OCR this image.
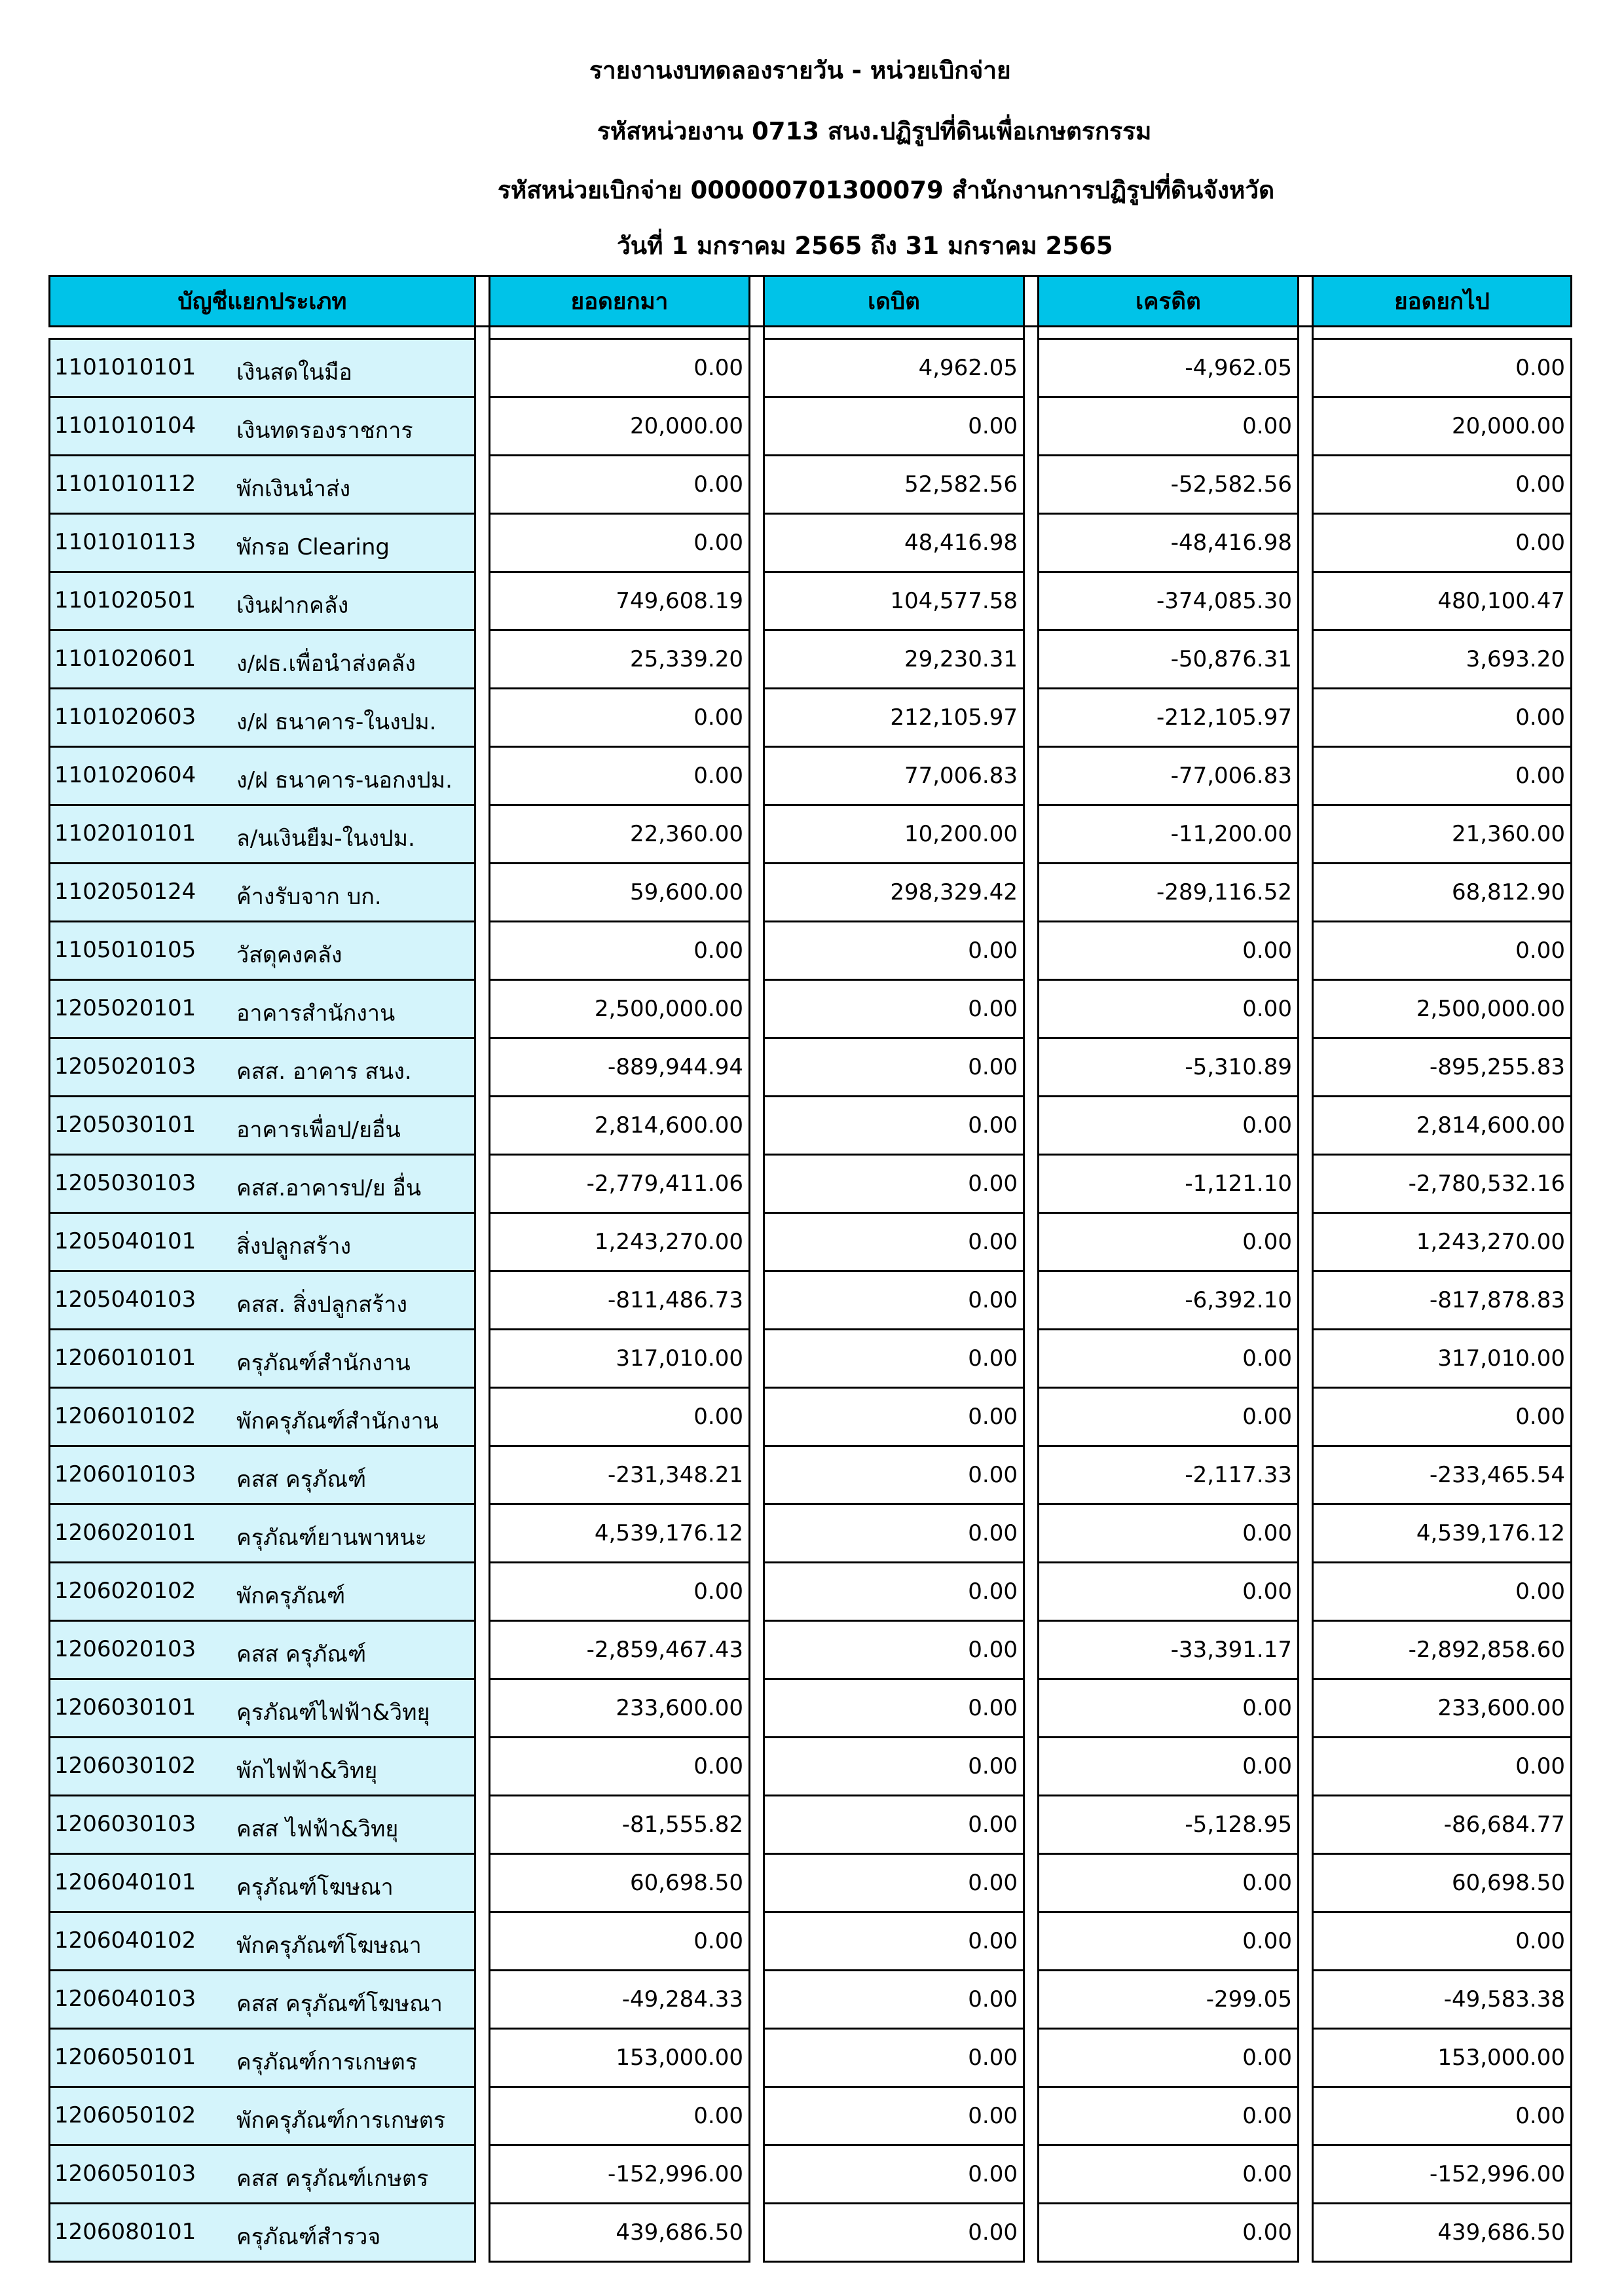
รายงานงบทดลองรายวัน - หน่วยเบิกจ่าย
รหัสหน่วยงาน 0713 สนง.ปฏิรูปที่ดินเพื่อเกษตรกรรม
รหัสหน่วยเบิกจ่าย 000000701300079 สำนักงานการปฏิรูปที่ดินจังหวัด
วันที่ 1 มกราคม 2565 ถึง 31 มกราคม 2565
บัญชีแยกประเภท		ยอดยกมา		เดบิต		เครดิต		ยอดยกไป

1101010101 เงินสดในมือ		0.00		4,962.05		-4,962.05		0.00

1101010104 เงินทดรองราชการ		20,000.00		0.00		0.00		20,000.00

1101010112 พักเงินนำส่ง		0.00		52,582.56		-52,582.56		0.00

1101010113 พักรอ Clearing		0.00		48,416.98		-48,416.98		0.00

1101020501 เงินฝากคลัง		749,608.19		104,577.58		-374,085.30		480,100.47

1101020601 ง/ฝธ.เพื่อนำส่งคลัง		25,339.20		29,230.31		-50,876.31		3,693.20

1101020603 ง/ฝ ธนาคาร-ในงปม.		0.00		212,105.97		-212,105.97		0.00

1101020604 ง/ฝ ธนาคาร-นอกงปม.		0.00		77,006.83		-77,006.83		0.00

1102010101 ล/นเงินยืม-ในงปม.		22,360.00		10,200.00		-11,200.00		21,360.00

1102050124 ค้างรับจาก บก.		59,600.00		298,329.42		-289,116.52		68,812.90

1105010105 วัสดุคงคลัง		0.00		0.00		0.00		0.00

1205020101 อาคารสำนักงาน		2,500,000.00		0.00		0.00		2,500,000.00

1205020103 คสส. อาคาร สนง.		-889,944.94		0.00		-5,310.89		-895,255.83

1205030101 อาคารเพื่อป/ยอื่น		2,814,600.00		0.00		0.00		2,814,600.00

1205030103 คสส.อาคารป/ย อื่น		-2,779,411.06		0.00		-1,121.10		-2,780,532.16

1205040101 สิ่งปลูกสร้าง		1,243,270.00		0.00		0.00		1,243,270.00

1205040103 คสส. สิ่งปลูกสร้าง		-811,486.73		0.00		-6,392.10		-817,878.83

1206010101 ครุภัณฑ์สำนักงาน		317,010.00		0.00		0.00		317,010.00

1206010102 พักครุภัณฑ์สำนักงาน		0.00		0.00		0.00		0.00

1206010103 คสส ครุภัณฑ์		-231,348.21		0.00		-2,117.33		-233,465.54

1206020101 ครุภัณฑ์ยานพาหนะ		4,539,176.12		0.00		0.00		4,539,176.12

1206020102 พักครุภัณฑ์		0.00		0.00		0.00		0.00

1206020103 คสส ครุภัณฑ์		-2,859,467.43		0.00		-33,391.17		-2,892,858.60

1206030101 คุรภัณฑ์ไฟฟ้า&วิทยุ		233,600.00		0.00		0.00		233,600.00

1206030102 พักไฟฟ้า&วิทยุ		0.00		0.00		0.00		0.00

1206030103 คสส ไฟฟ้า&วิทยุ		-81,555.82		0.00		-5,128.95		-86,684.77

1206040101 ครุภัณฑ์โฆษณา		60,698.50		0.00		0.00		60,698.50

1206040102 พักครุภัณฑ์โฆษณา		0.00		0.00		0.00		0.00

1206040103 คสส ครุภัณฑ์โฆษณา		-49,284.33		0.00		-299.05		-49,583.38

1206050101 ครุภัณฑ์การเกษตร		153,000.00		0.00		0.00		153,000.00

1206050102 พักครุภัณฑ์การเกษตร		0.00		0.00		0.00		0.00

1206050103 คสส ครุภัณฑ์เกษตร		-152,996.00		0.00		0.00		-152,996.00

1206080101 ครุภัณฑ์สำรวจ		439,686.50		0.00		0.00		439,686.50
